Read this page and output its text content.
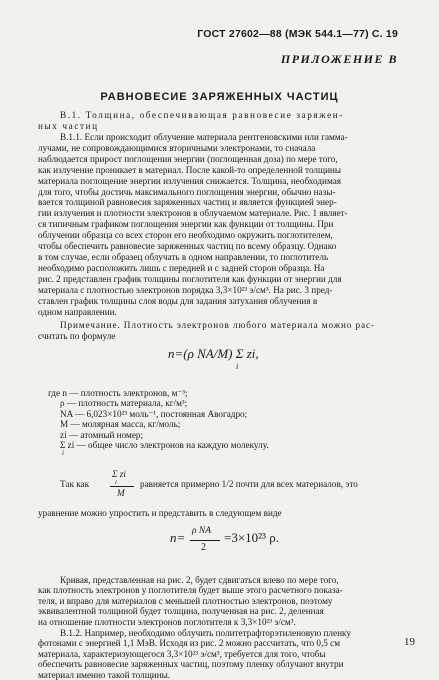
ГОСТ 27602—88 (МЭК 544.1—77) С. 19
ПРИЛОЖЕНИЕ В
РАВНОВЕСИЕ ЗАРЯЖЕННЫХ ЧАСТИЦ
В.1. Толщина, обеспечивающая равновесие заряжен-
ных частиц
В.1.1. Если происходит облучение материала рентгеновскими или гамма-
лучами, не сопровождающимися вторичными электронами, то сначала
наблюдается прирост поглощения энергии (поглощенная доза) по мере того,
как излучение проникает в материал. После какой-то определенной толщины
материала поглощение энергии излучения снижается. Толщина, необходимая
для того, чтобы достичь максимального поглощения энергии, обычно назы-
вается толщиной равновесия заряженных частиц и является функцией энер-
гии излучения и плотности электронов в облучаемом материале. Рис. 1 являет-
ся типичным графиком поглощения энергии как функции от толщины. При
облучении образца со всех сторон его необходимо окружить поглотителем,
чтобы обеспечить равновесие заряженных частиц по всему образцу. Однако
в том случае, если образец облучать в одном направлении, то поглотитель
необходимо расположить лишь с передней и с задней сторон образца. На
рис. 2 представлен график толщины поглотителя как функции от энергии для
материала с плотностью электронов порядка 3,3×10²³ э/см³. На рис. 3 пред-
ставлен график толщины слоя воды для задания затухания облучения в
одном направлении.
Примечание. Плотность электронов любого материала можно рас-
считать по формуле
n=(ρ NA/M) Σ zi,
i
где n — плотность электронов, м⁻³;
ρ — плотность материала, кг/м³;
NA — 6,023×10²³ моль⁻¹, постоянная Авогадро;
M — молярная масса, кг/моль;
zi — атомный номер;
Σ zi — общее число электронов на каждую молекулу.
i
Так как
Σ zi
i
M
равняется примерно 1/2 почти для всех материалов, это
уравнение можно упростить и представить в следующем виде
n= ρ NA
2
=3×10²³ ρ.
Кривая, представленная на рис. 2, будет сдвигаться влево по мере того,
как плотность электронов у поглотителя будет выше этого расчетного показа-
теля, и вправо для материалов с меньшей плотностью электронов, поэтому
эквивалентной толщиной будет толщина, полученная на рис. 2, деленная
на отношение плотности электронов поглотителя к 3,3×10²³ э/см³.
19
В.1.2. Например, необходимо облучить политетрафторэтиленовую пленку
фотонами с энергией 1,1 МэВ. Исходя из рис. 2 можно рассчитать, что 0,5 см
материала, характеризующегося 3,3×10²³ э/см³, требуется для того, чтобы
обеспечить равновесие заряженных частиц, поэтому пленку облучают внутри
материал именно такой толщины.
